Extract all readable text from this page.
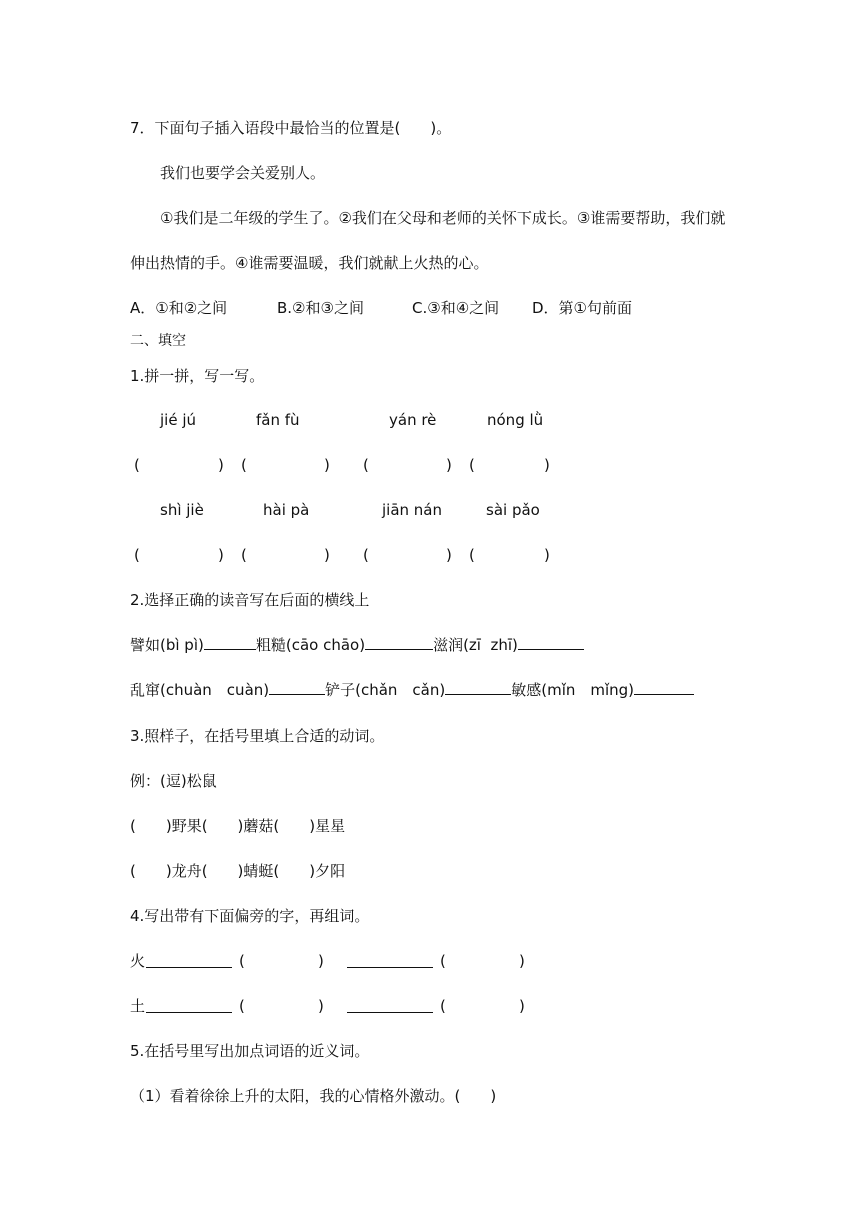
7．下面句子插入语段中最恰当的位置是(　　)。
我们也要学会关爱别人。
①我们是二年级的学生了。②我们在父母和老师的关怀下成长。③谁需要帮助，我们就
伸出热情的手。④谁需要温暖，我们就献上火热的心。
A．①和②之间	B.②和③之间	C.③和④之间 D．第①句前面
二、填空
1.拼一拼，写一写。
jié jú	fǎn fù	yán rè	nóng lǜ
(	) (	) (	) (	)
shì jiè	hài pà	jiān nán	sài pǎo
(	) (	) (	) (	)
2.选择正确的读音写在后面的横线上
譬如(bì pì)	粗糙(cāo chāo)	滋润(zī  zhī)
乱窜(chuàn　cuàn)	铲子(chǎn　cǎn)	敏感(mǐn　mǐng)
3.照样子，在括号里填上合适的动词。
例：(逗)松鼠
(　　)野果(　　)蘑菇(　　)星星
(　　)龙舟(　　)蜻蜓(　　)夕阳
4.写出带有下面偏旁的字，再组词。
火	(	)	(	)
土	(	)	(	)
5.在括号里写出加点词语的近义词。
（1）看着徐徐上升的太阳，我的心情格外激动。(　　)
